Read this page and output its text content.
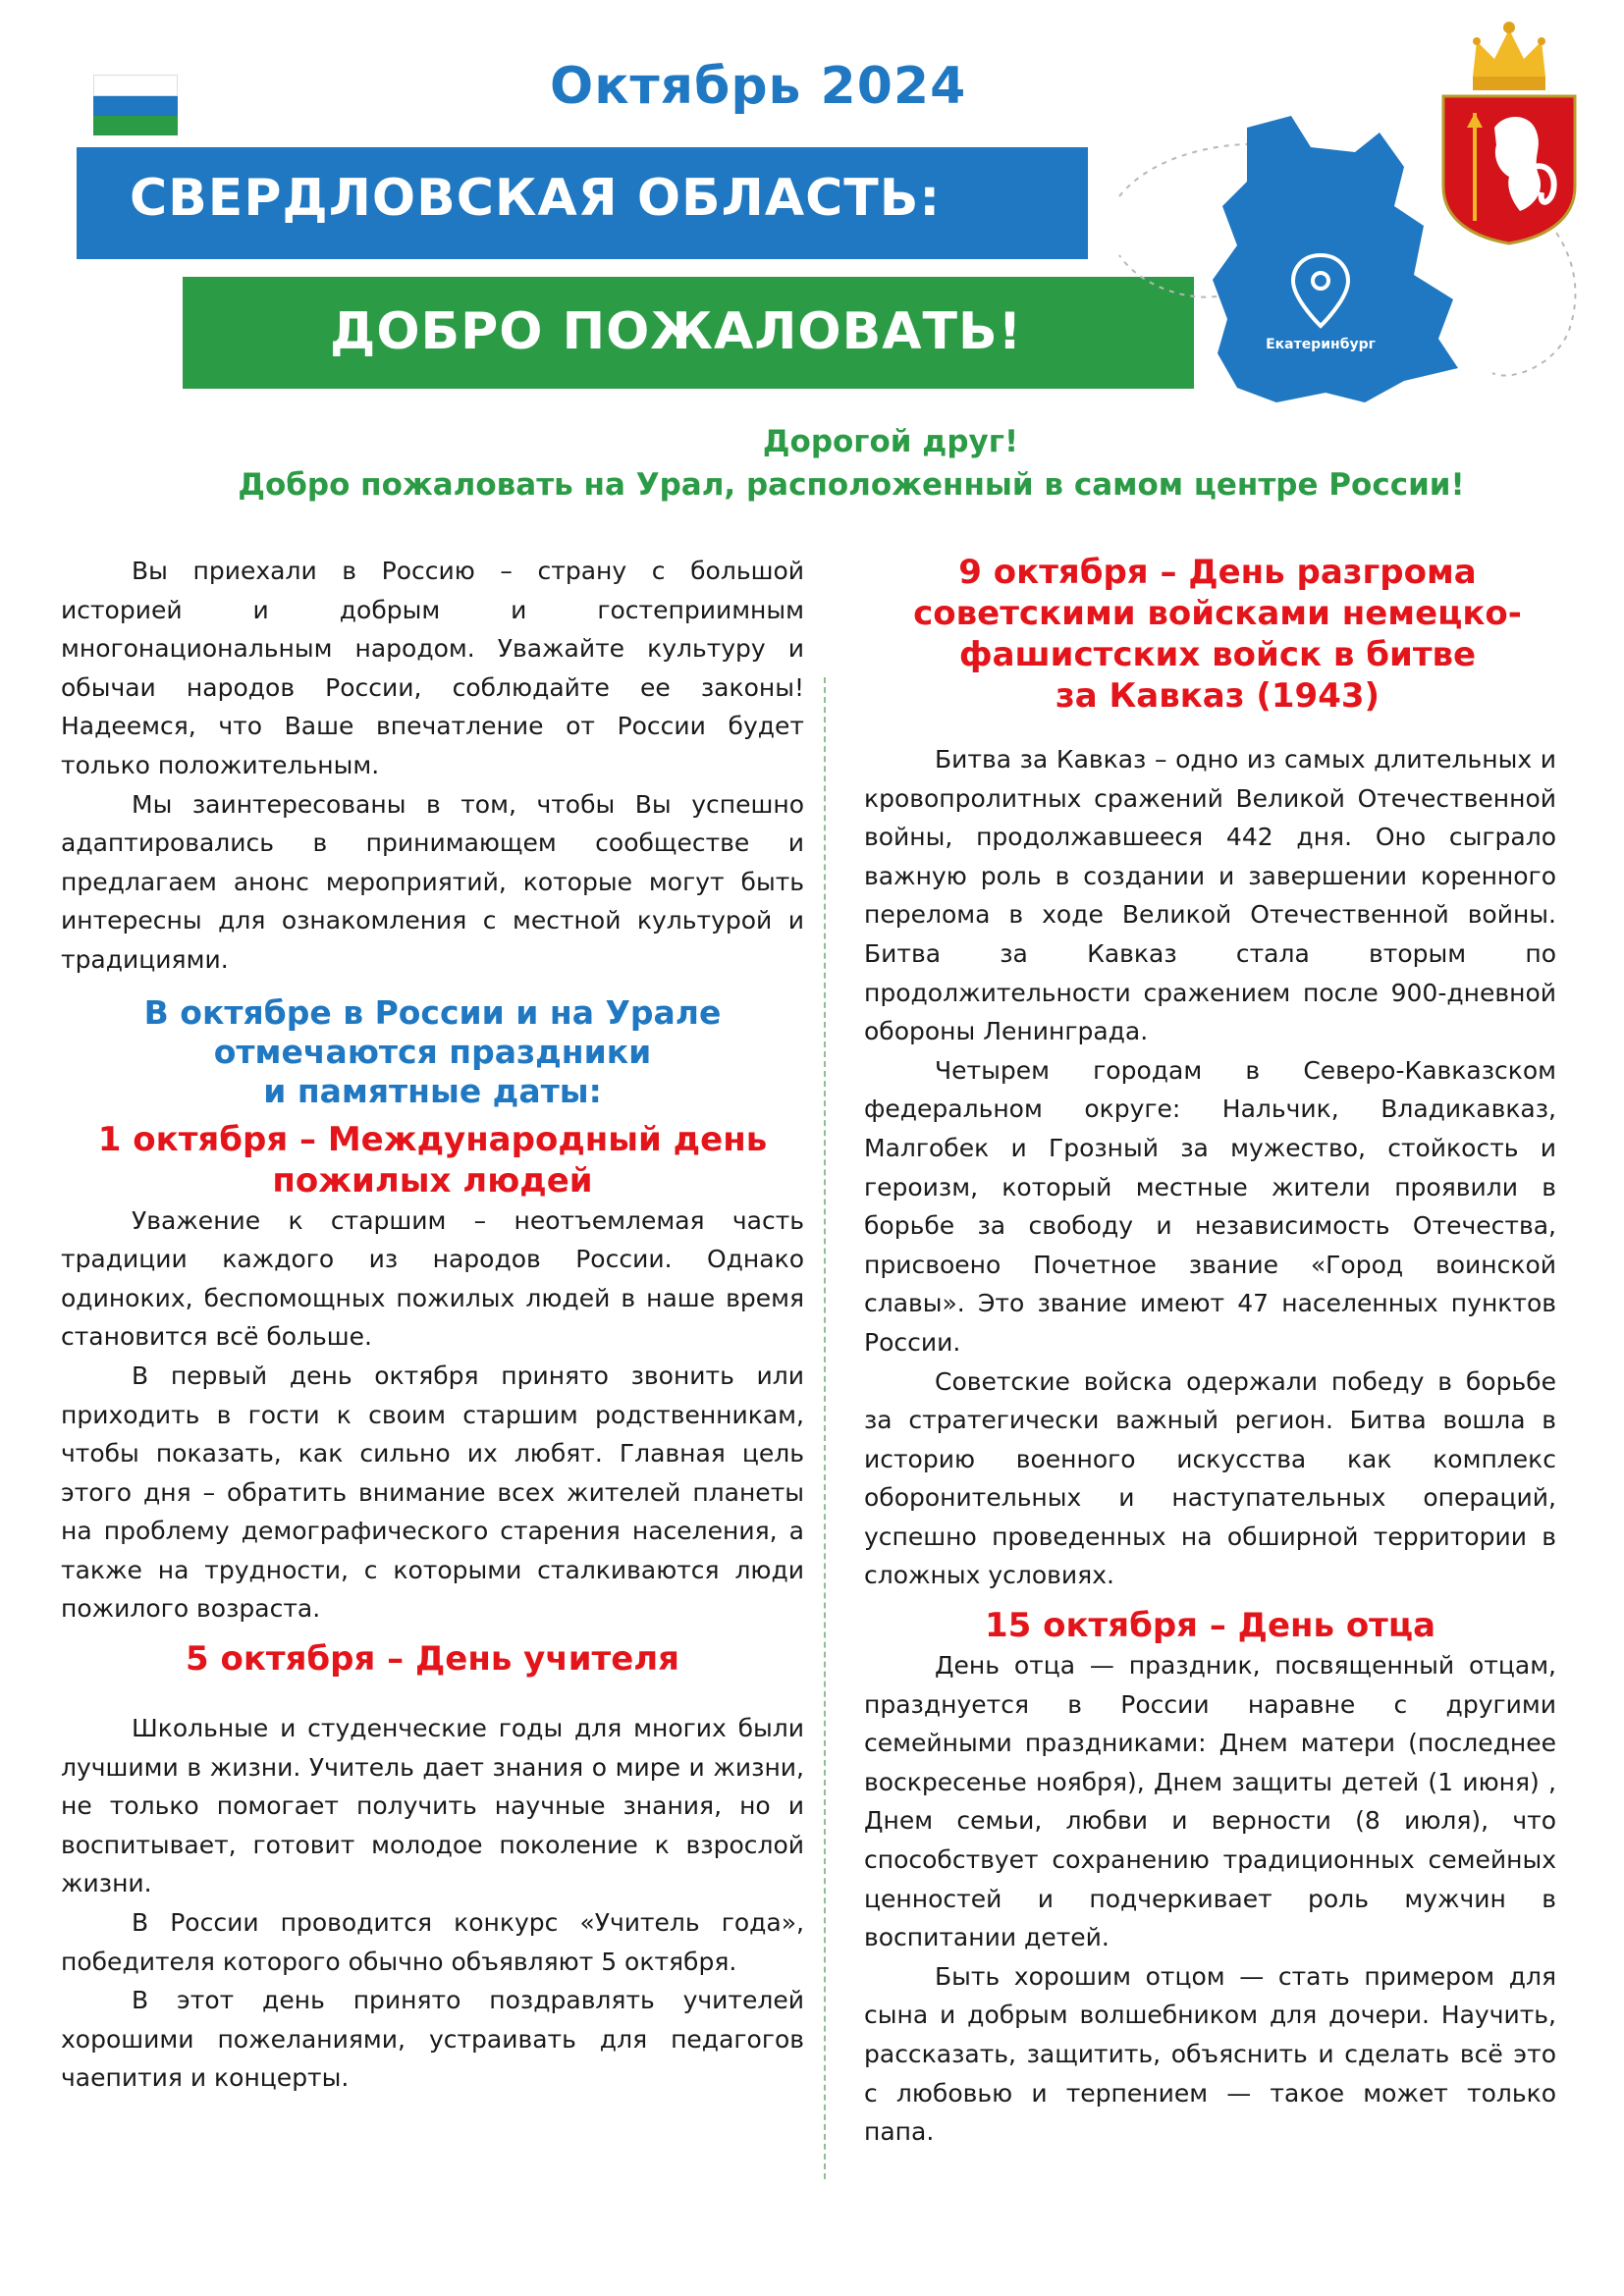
Октябрь 2024
СВЕРДЛОВСКАЯ ОБЛАСТЬ:
ДОБРО ПОЖАЛОВАТЬ!	Екатеринбург
Дорогой друг!
Добро пожаловать на Урал, расположенный в самом центре России!

Вы приехали в Россию – страну с большой историей и добрым и гостеприимным многонациональным народом. Уважайте культуру и обычаи народов России, соблюдайте ее законы! Надеемся, что Ваше впечатление от России будет только положительным.

Мы заинтересованы в том, чтобы Вы успешно адаптировались в принимающем сообществе и предлагаем анонс мероприятий, которые могут быть интересны для ознакомления с местной культурой и традициями.

В октябре в России и на Урале
отмечаются праздники
и памятные даты:
1 октября – Международный день
пожилых людей

Уважение к старшим – неотъемлемая часть традиции каждого из народов России. Однако одиноких, беспомощных пожилых людей в наше время становится всё больше.

В первый день октября принято звонить или приходить в гости к своим старшим родственникам, чтобы показать, как сильно их любят. Главная цель этого дня – обратить внимание всех жителей планеты на проблему демографического старения населения, а также на трудности, с которыми сталкиваются люди пожилого возраста.

5 октября – День учителя

Школьные и студенческие годы для многих были лучшими в жизни. Учитель дает знания о мире и жизни, не только помогает получить научные знания, но и воспитывает, готовит молодое поколение к взрослой жизни.

В России проводится конкурс «Учитель года», победителя которого обычно объявляют 5 октября.

В этот день принято поздравлять учителей хорошими пожеланиями, устраивать для педагогов чаепития и концерты.

9 октября – День разгрома
советскими войсками немецко-
фашистских войск в битве
за Кавказ (1943)

Битва за Кавказ – одно из самых длительных и кровопролитных сражений Великой Отечественной войны, продолжавшееся 442 дня. Оно сыграло важную роль в создании и завершении коренного перелома в ходе Великой Отечественной войны. Битва за Кавказ стала вторым по продолжительности сражением после 900-дневной обороны Ленинграда.

Четырем городам в Северо-Кавказском федеральном округе: Нальчик, Владикавказ, Малгобек и Грозный за мужество, стойкость и героизм, который местные жители проявили в борьбе за свободу и независимость Отечества, присвоено Почетное звание «Город воинской славы». Это звание имеют 47 населенных пунктов России.

Советские войска одержали победу в борьбе за стратегически важный регион. Битва вошла в историю военного искусства как комплекс оборонительных и наступательных операций, успешно проведенных на обширной территории в сложных условиях.

15 октября – День отца

День отца — праздник, посвященный отцам, празднуется в России наравне с другими семейными праздниками: Днем матери (последнее воскресенье ноября), Днем защиты детей (1 июня) , Днем семьи, любви и верности (8 июля), что способствует сохранению традиционных семейных ценностей и подчеркивает роль мужчин в воспитании детей.

Быть хорошим отцом — стать примером для сына и добрым волшебником для дочери. Научить, рассказать, защитить, объяснить и сделать всё это с любовью и терпением — такое может только папа.
